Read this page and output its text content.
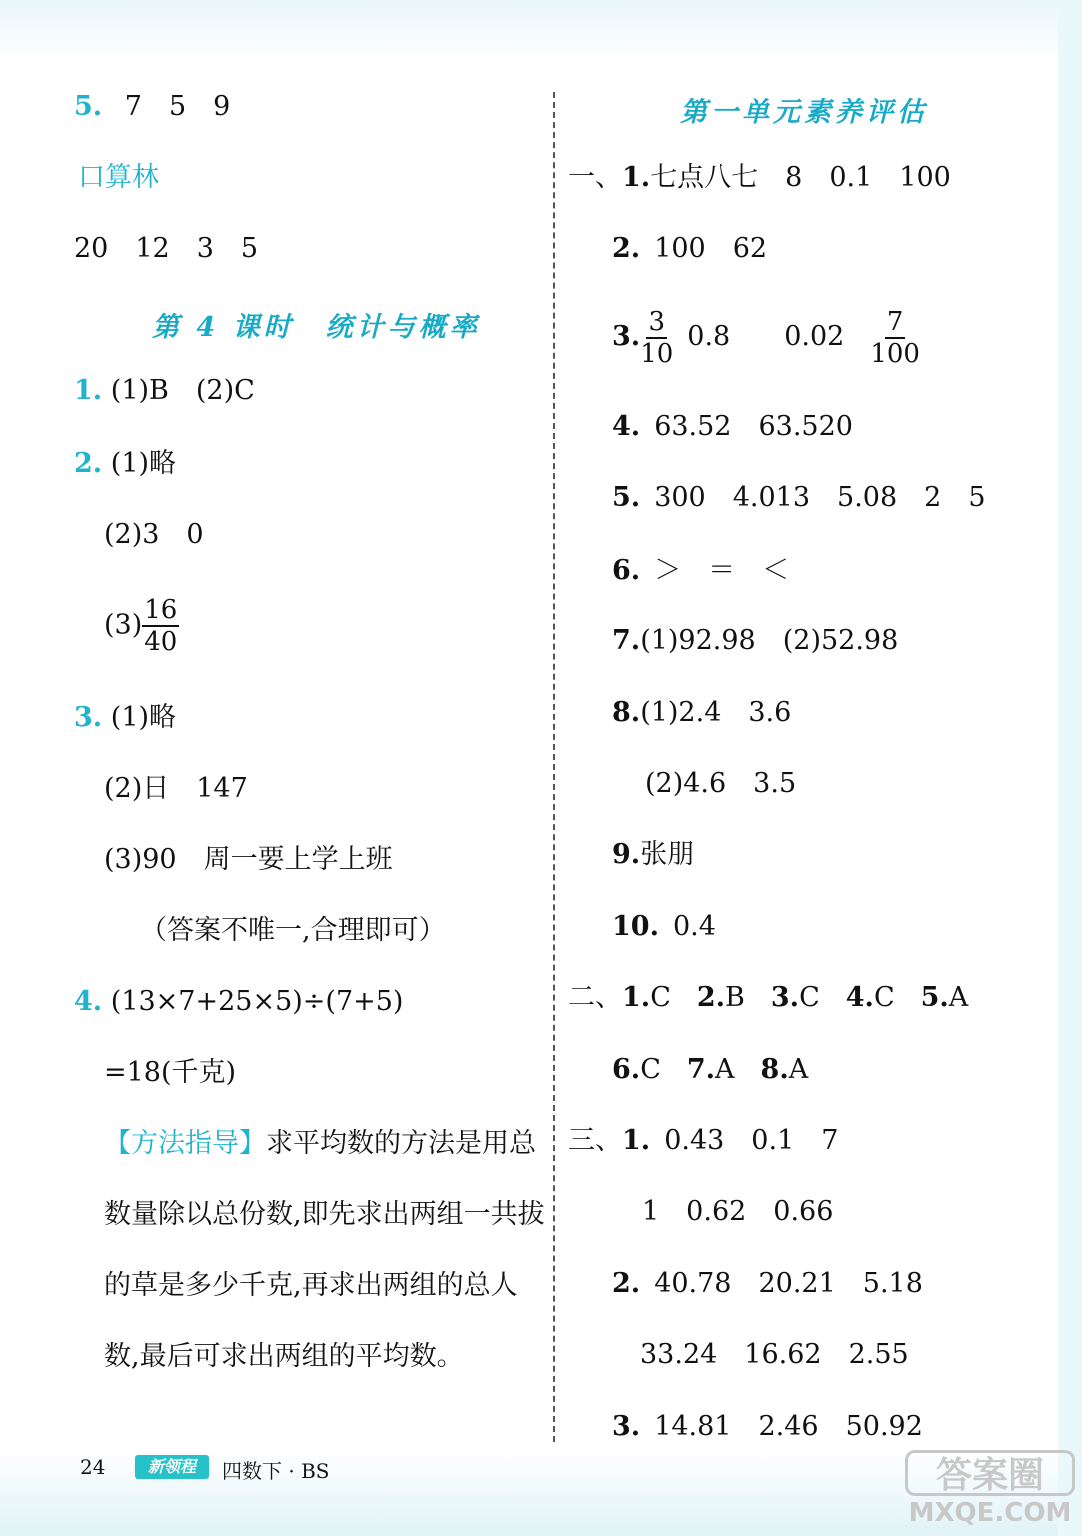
5. 7　5　9
口算林
20　12　3　5
第 4 课时　统计与概率
1. (1)B　(2)C
2. (1)略
(2)3　0
$(3) \frac{16}{40}$
3. (1)略
(2)日　147
(3)90　周一要上学上班
（答案不唯一,合理即可）
4. (13×7+25×5)÷(7+5)
=18(千克)
【方法指导】求平均数的方法是用总数量除以总份数,即先求出两组一共拔的草是多少千克,再求出两组的总人数,最后可求出两组的平均数。
第一单元素养评估
一、1.七点八七　8　0.1　100
2. 100　62
3. $\frac{3}{10} 0.8$　　$0.02 \frac{7}{100}$
4. 63.52　63.520
5. 300　4.013　5.08　2　5
6. ＞　＝　＜
7.(1)92.98　(2)52.98
8.(1)2.4　3.6
(2)4.6　3.5
9.张朋
10. 0.4
二、1.C 2.B 3.C 4.C 5.A
6.C 7.A 8.A
三、1. 0.43　0.1　7
1　0.62　0.66
2. 40.78　20.21　5.18
33.24　16.62　2.55
3. 14.81　2.46　50.92
24	新领程	四数下 · BS	答案圈
MXQE.COM
